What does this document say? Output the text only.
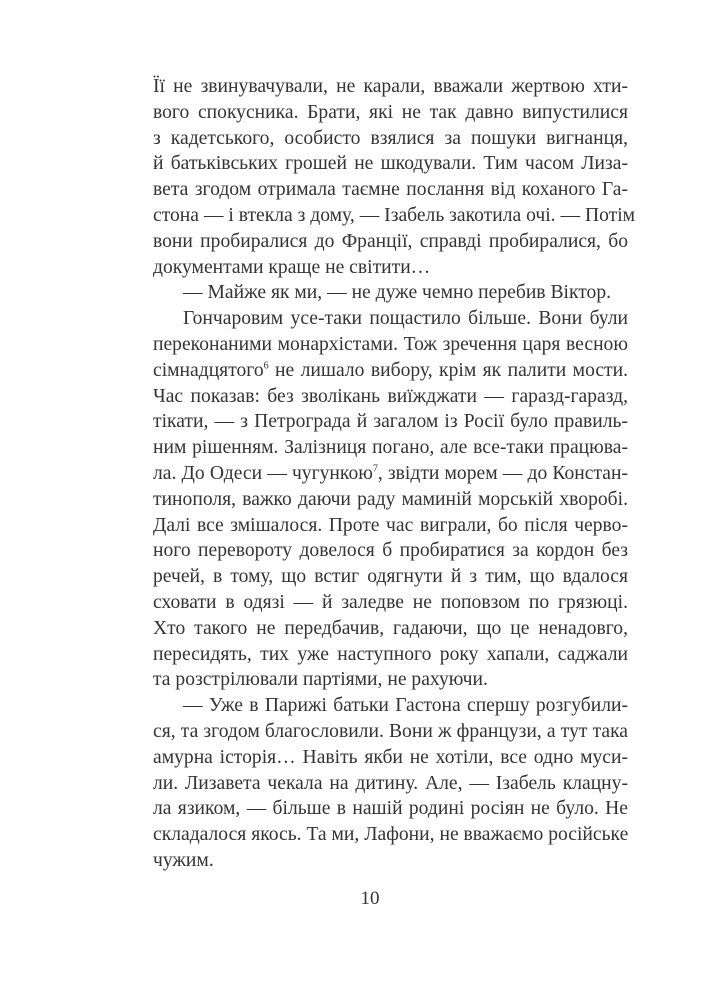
Її не звинувачували, не карали, вважали жертвою хти-
вого спокусника. Брати, які не так давно випустилися
з кадетського, особисто взялися за пошуки вигнанця,
й батьківських грошей не шкодували. Тим часом Лиза-
вета згодом отримала таємне послання від коханого Га-
стона — і втекла з дому, — Ізабель закотила очі. — Потім
вони пробиралися до Франції, справді пробиралися, бо
документами краще не світити…
— Майже як ми, — не дуже чемно перебив Віктор.
Гончаровим усе-таки пощастило більше. Вони були
переконаними монархістами. Тож зречення царя весною
сімнадцятого$^6$ не лишало вибору, крім як палити мости.
Час показав: без зволікань виїжджати — гаразд-гаразд,
тікати, — з Петрограда й загалом із Росії було правиль-
ним рішенням. Залізниця погано, але все-таки працюва-
ла. До Одеси — чугункою$^7$, звідти морем — до Констан-
тинополя, важко даючи раду маминій морській хворобі.
Далі все змішалося. Проте час виграли, бо після черво-
ного перевороту довелося б пробиратися за кордон без
речей, в тому, що встиг одягнути й з тим, що вдалося
сховати в одязі — й заледве не поповзом по грязюці.
Хто такого не передбачив, гадаючи, що це ненадовго,
пересидять, тих уже наступного року хапали, саджали
та розстрілювали партіями, не рахуючи.
— Уже в Парижі батьки Гастона спершу розгубили-
ся, та згодом благословили. Вони ж французи, а тут така
амурна історія… Навіть якби не хотіли, все одно муси-
ли. Лизавета чекала на дитину. Але, — Ізабель клацну-
ла язиком, — більше в нашій родині росіян не було. Не
складалося якось. Та ми, Лафони, не вважаємо російське
чужим.
10
